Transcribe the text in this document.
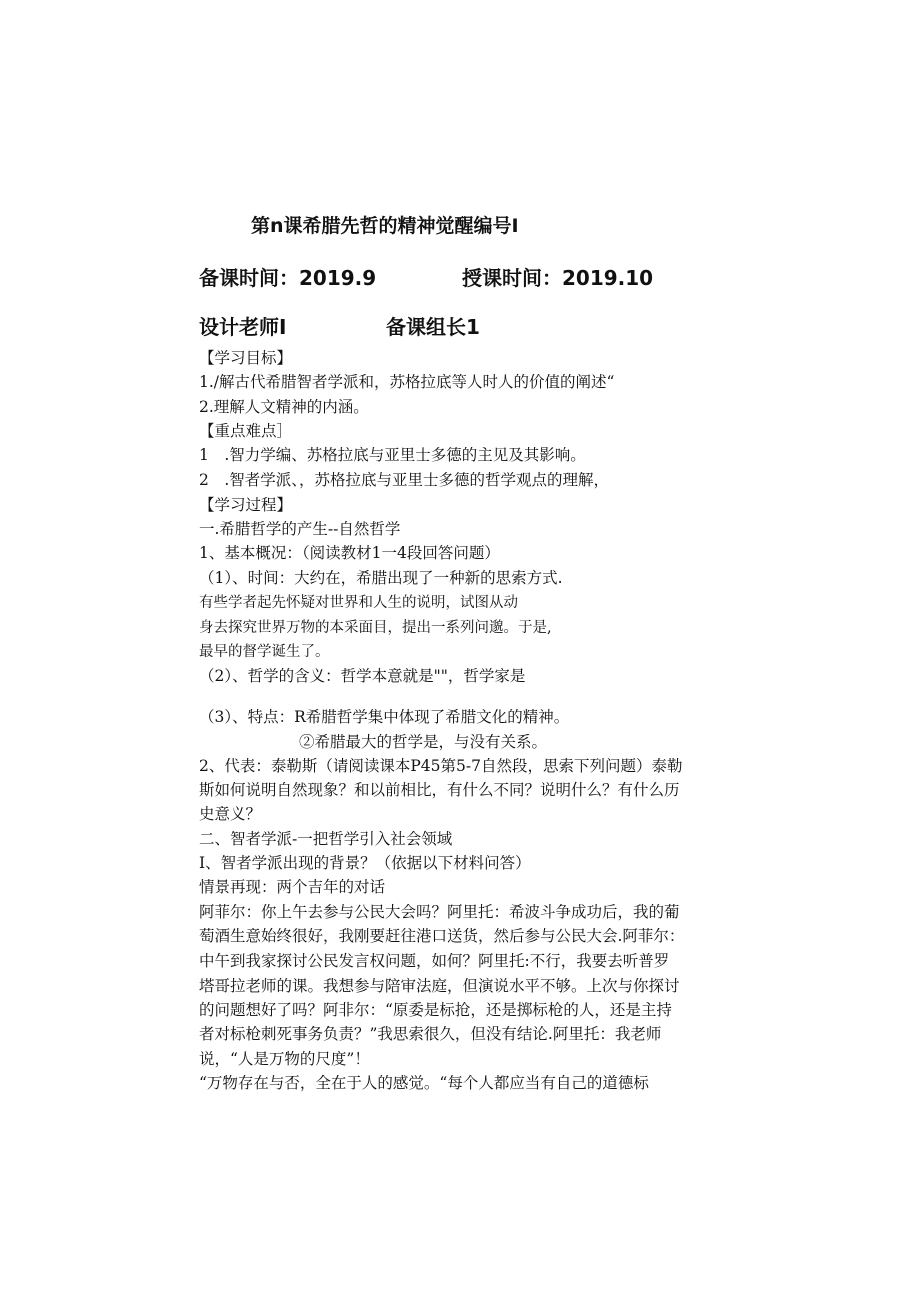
第n课希腊先哲的精神觉醒编号I
备课时间：2019.9	授课时间：2019.10
设计老师I	备课组长1
【学习目标】
1./解古代希腊智者学派和，苏格拉底等人时人的价值的阐述“
2.理解人文精神的内涵。
【重点难点］
1　.智力学编、苏格拉底与亚里士多德的主见及其影响。
2　.智者学派、，苏格拉底与亚里士多德的哲学观点的理解，
【学习过程】
一.希腊哲学的产生--自然哲学
1、基本概况：（阅读教材1一4段回答问题）
（1）、时间：大约在，希腊出现了一种新的思索方式.
有些学者起先怀疑对世界和人生的说明，试图从动
身去探究世界万物的本采面目，提出一系列问邈。于是,
最早的督学诞生了。
（2）、哲学的含义：哲学本意就是""，哲学家是
（3）、特点：R希腊哲学集中体现了希腊文化的精神。
②希腊最大的哲学是，与没有关系。
2、代表：泰勒斯（请阅读课本P45第5-7自然段，思索下列问题）泰勒
斯如何说明自然现象？和以前相比，有什么不同？说明什么？有什么历
史意义？
二、智者学派-一把哲学引入社会领域
I、智者学派出现的背景？（依据以下材料问答）
情景再现：两个吉年的对话
阿菲尔：你上午去参与公民大会吗？阿里托：希波斗争成功后，我的葡
萄酒生意始终很好，我刚要赶往港口送货，然后参与公民大会.阿菲尔：
中午到我家探讨公民发言权问题，如何？阿里托:不行，我要去听普罗
塔哥拉老师的课。我想参与陪审法庭，但演说水平不够。上次与你探讨
的问题想好了吗？阿非尔：“原委是标抢，还是掷标枪的人，还是主持
者对标枪刺死事务负责？”我思索很久，但没有结论.阿里托：我老师
说，“人是万物的尺度”！
“万物存在与否，全在于人的感觉。“每个人都应当有自己的道德标
